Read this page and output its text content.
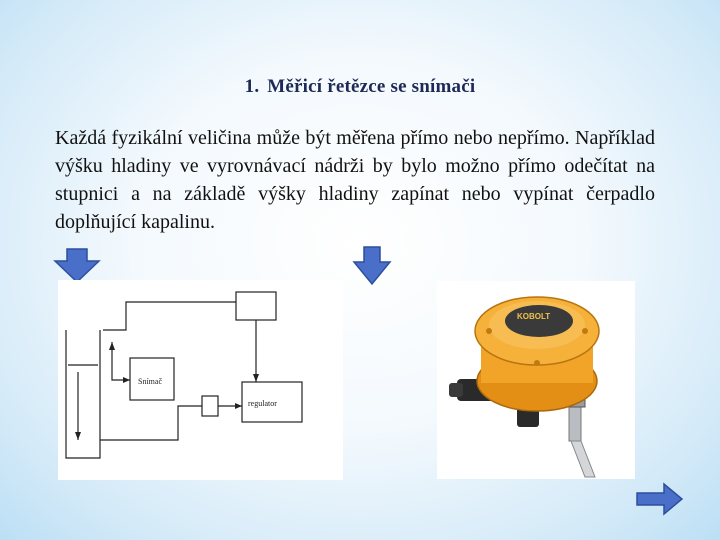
1. Měřicí řetězce se snímači
Každá fyzikální veličina může být měřena přímo nebo nepřímo. Například výšku hladiny ve vyrovnávací nádrži by bylo možno přímo odečítat na stupnici a na základě výšky hladiny zapínat nebo vypínat čerpadlo doplňující kapalinu.
Snímač
regulator
KOBOLT
